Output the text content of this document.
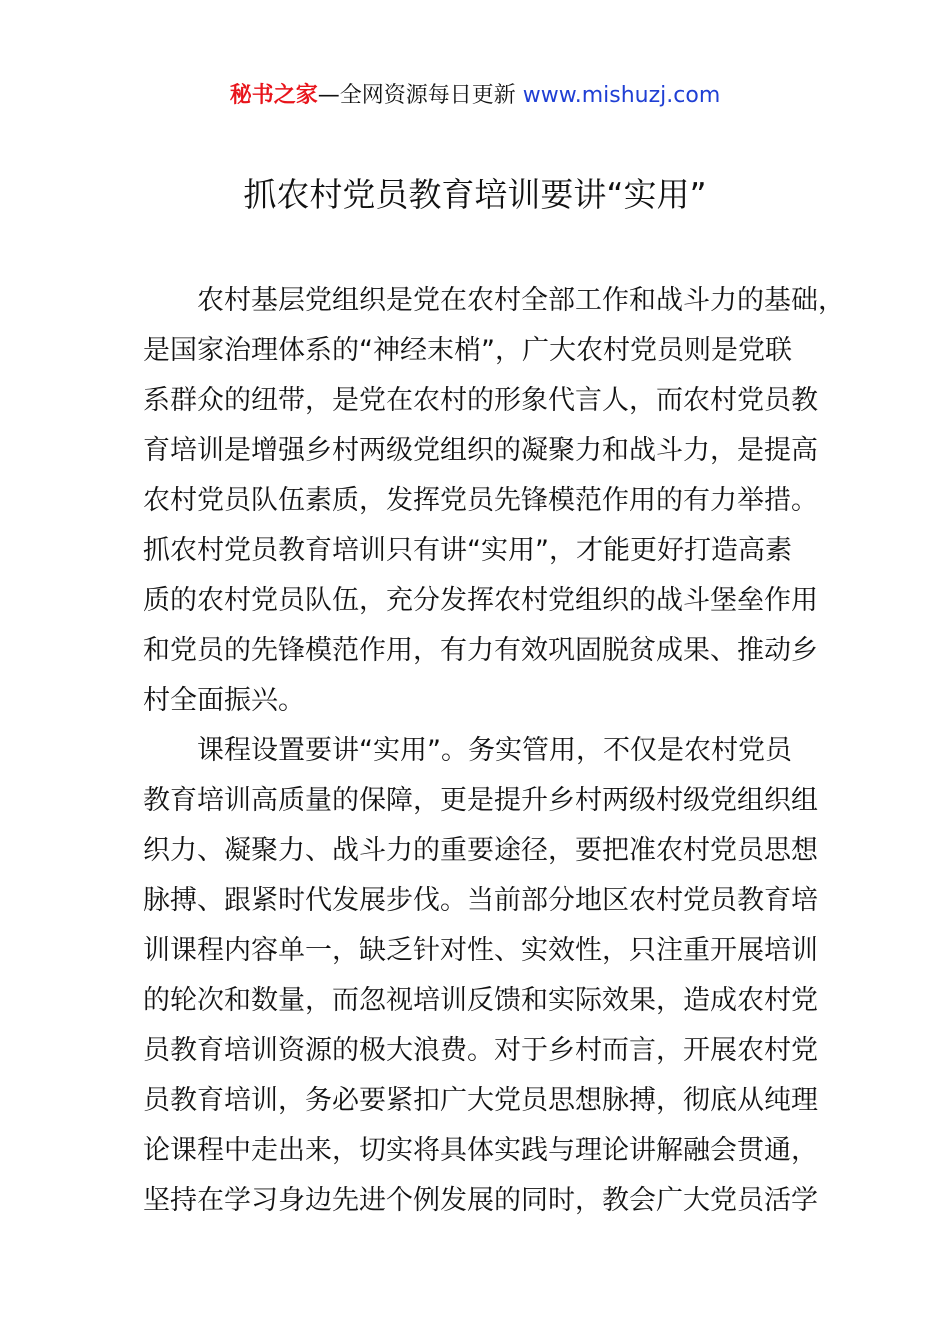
秘书之家—全网资源每日更新 www.mishuzj.com
抓农村党员教育培训要讲“实用”
农村基层党组织是党在农村全部工作和战斗力的基础，
是国家治理体系的“神经末梢”，广大农村党员则是党联
系群众的纽带，是党在农村的形象代言人，而农村党员教
育培训是增强乡村两级党组织的凝聚力和战斗力，是提高
农村党员队伍素质，发挥党员先锋模范作用的有力举措。
抓农村党员教育培训只有讲“实用”，才能更好打造高素
质的农村党员队伍，充分发挥农村党组织的战斗堡垒作用
和党员的先锋模范作用，有力有效巩固脱贫成果、推动乡
村全面振兴。
课程设置要讲“实用”。务实管用，不仅是农村党员
教育培训高质量的保障，更是提升乡村两级村级党组织组
织力、凝聚力、战斗力的重要途径，要把准农村党员思想
脉搏、跟紧时代发展步伐。当前部分地区农村党员教育培
训课程内容单一，缺乏针对性、实效性，只注重开展培训
的轮次和数量，而忽视培训反馈和实际效果，造成农村党
员教育培训资源的极大浪费。对于乡村而言，开展农村党
员教育培训，务必要紧扣广大党员思想脉搏，彻底从纯理
论课程中走出来，切实将具体实践与理论讲解融会贯通，
坚持在学习身边先进个例发展的同时，教会广大党员活学
